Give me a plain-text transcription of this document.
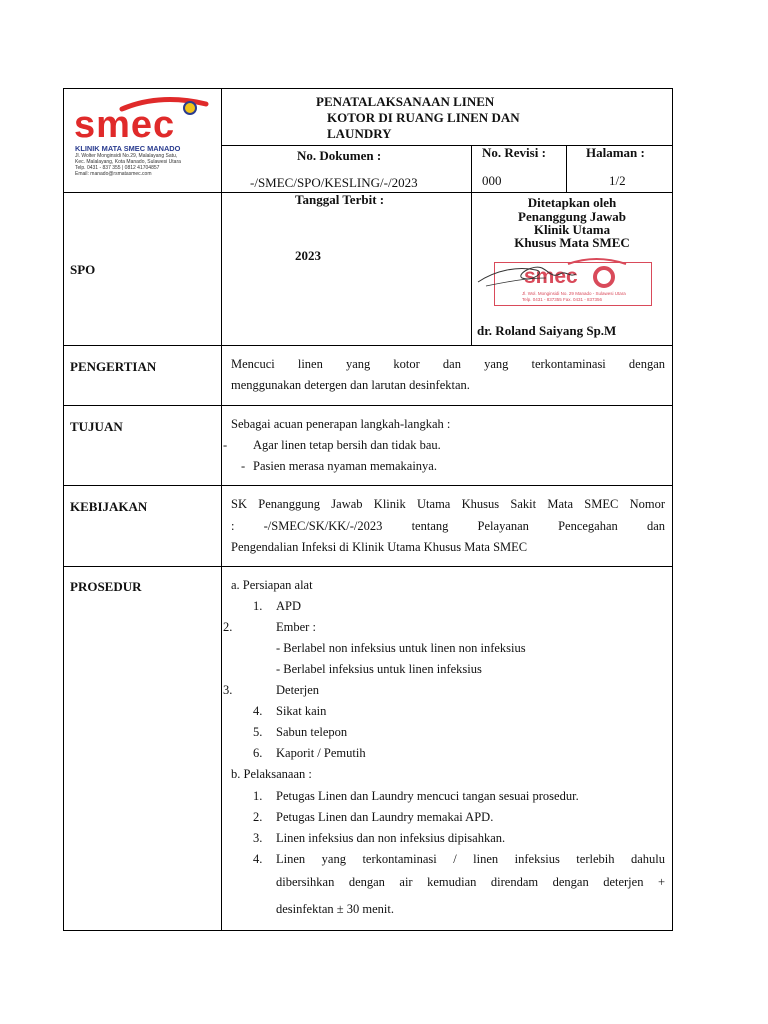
smec
KLINIK MATA SMEC MANADO
Jl. Wolter Monginsidi No.29, Malalayang Satu,
Kec. Malalayang, Kota Manado, Sulawesi Utara
Telp. 0431 - 837 355 | 0812 41704857
Email: manado@rsmatasmec.com
PENATALAKSANAAN LINEN
KOTOR DI RUANG LINEN DAN
LAUNDRY
No. Dokumen :
-/SMEC/SPO/KESLING/-/2023
No. Revisi :
000
Halaman :
1/2
SPO
Tanggal Terbit :
2023
Ditetapkan oleh
Penanggung Jawab
Klinik Utama
Khusus Mata SMEC
smec
Jl. Wol. Monginsidi No. 29 Manado - Sulawesi Utara
Telp. 0431 - 837355 Fax. 0431 - 837356
dr. Roland Saiyang Sp.M
PENGERTIAN	Mencuci linen yang kotor dan yang terkontaminasi dengan
menggunakan detergen dan larutan desinfektan.
TUJUAN	Sebagai acuan penerapan langkah-langkah :
- Agar linen tetap bersih dan tidak bau.
- Pasien merasa nyaman memakainya.
KEBIJAKAN	SK Penanggung Jawab Klinik Utama Khusus Sakit Mata SMEC Nomor
: -/SMEC/SK/KK/-/2023 tentang Pelayanan Pencegahan dan
Pengendalian Infeksi di Klinik Utama Khusus Mata SMEC
PROSEDUR	a. Persiapan alat
1. APD
2.	Ember :
- Berlabel non infeksius untuk linen non infeksius
- Berlabel infeksius untuk linen infeksius
3.	Deterjen
4. Sikat kain
5. Sabun telepon
6. Kaporit / Pemutih
b. Pelaksanaan :
1. Petugas Linen dan Laundry mencuci tangan sesuai prosedur.
2. Petugas Linen dan Laundry memakai APD.
3. Linen infeksius dan non infeksius dipisahkan.
4. Linen yang terkontaminasi / linen infeksius terlebih dahulu
dibersihkan dengan air kemudian direndam dengan deterjen +
desinfektan ± 30 menit.
